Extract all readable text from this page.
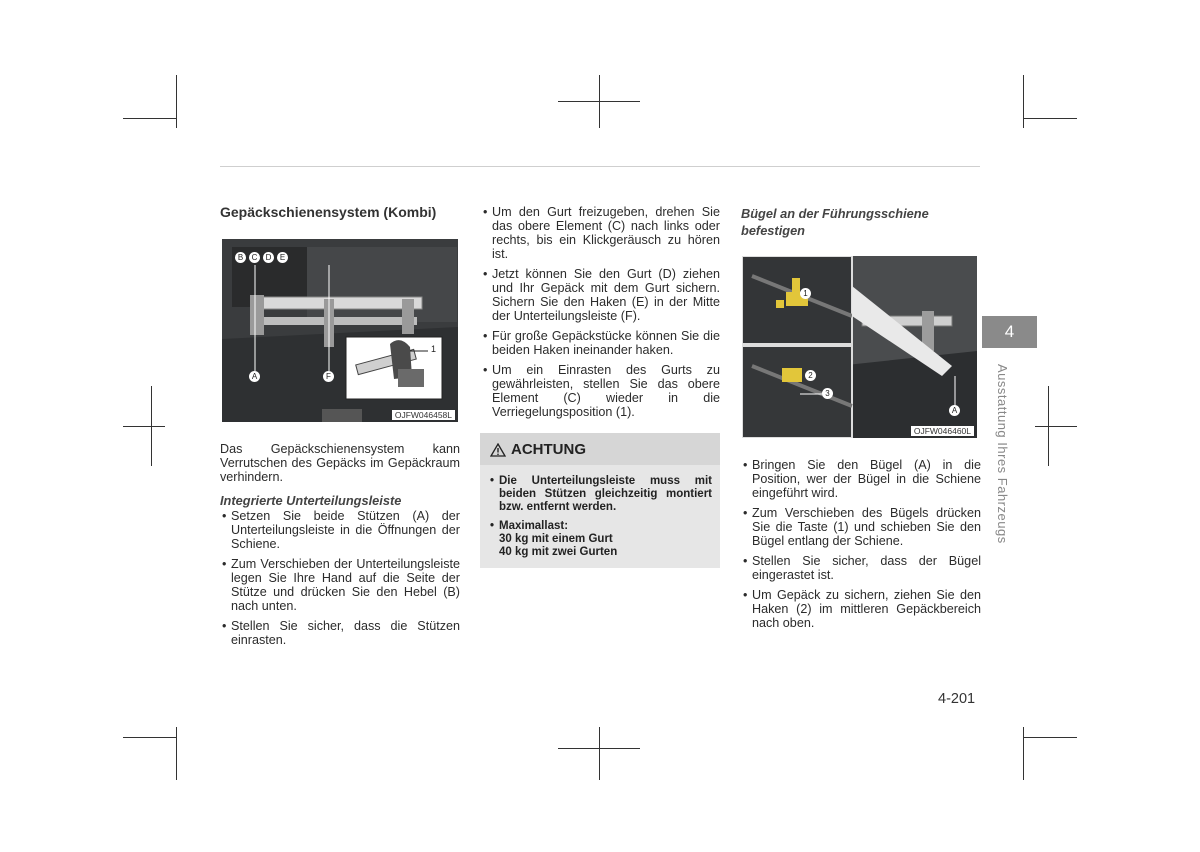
Gepäckschienensystem (Kombi)
B	C	D	E
A	F
1
OJFW046458L

Das Gepäckschienensystem kann Verrutschen des Gepäcks im Gepäckraum verhindern.

Integrierte Unterteilungsleiste
• Setzen Sie beide Stützen (A) der Unterteilungsleiste in die Öffnungen der Schiene.
• Zum Verschieben der Unterteilungsleiste legen Sie Ihre Hand auf die Seite der Stütze und drücken Sie den Hebel (B) nach unten.
• Stellen Sie sicher, dass die Stützen einrasten.
• Um den Gurt freizugeben, drehen Sie das obere Element (C) nach links oder rechts, bis ein Klickgeräusch zu hören ist.
• Jetzt können Sie den Gurt (D) ziehen und Ihr Gepäck mit dem Gurt sichern. Sichern Sie den Haken (E) in der Mitte der Unterteilungsleiste (F).
• Für große Gepäckstücke können Sie die beiden Haken ineinander haken.
• Um ein Einrasten des Gurts zu gewährleisten, stellen Sie das obere Element (C) wieder in die Verriegelungsposition (1).
ACHTUNG
• Die Unterteilungsleiste muss mit beiden Stützen gleichzeitig montiert bzw. entfernt werden.
• Maximallast:
30 kg mit einem Gurt
40 kg mit zwei Gurten
Bügel an der Führungsschiene
befestigen
1
2
3
A
OJFW046460L
• Bringen Sie den Bügel (A) in die Position, wer der Bügel in die Schiene eingeführt wird.
• Zum Verschieben des Bügels drücken Sie die Taste (1) und schieben Sie den Bügel entlang der Schiene.
• Stellen Sie sicher, dass der Bügel eingerastet ist.
• Um Gepäck zu sichern, ziehen Sie den Haken (2) im mittleren Gepäckbereich nach oben.
4
Ausstattung Ihres Fahrzeugs
4-201
